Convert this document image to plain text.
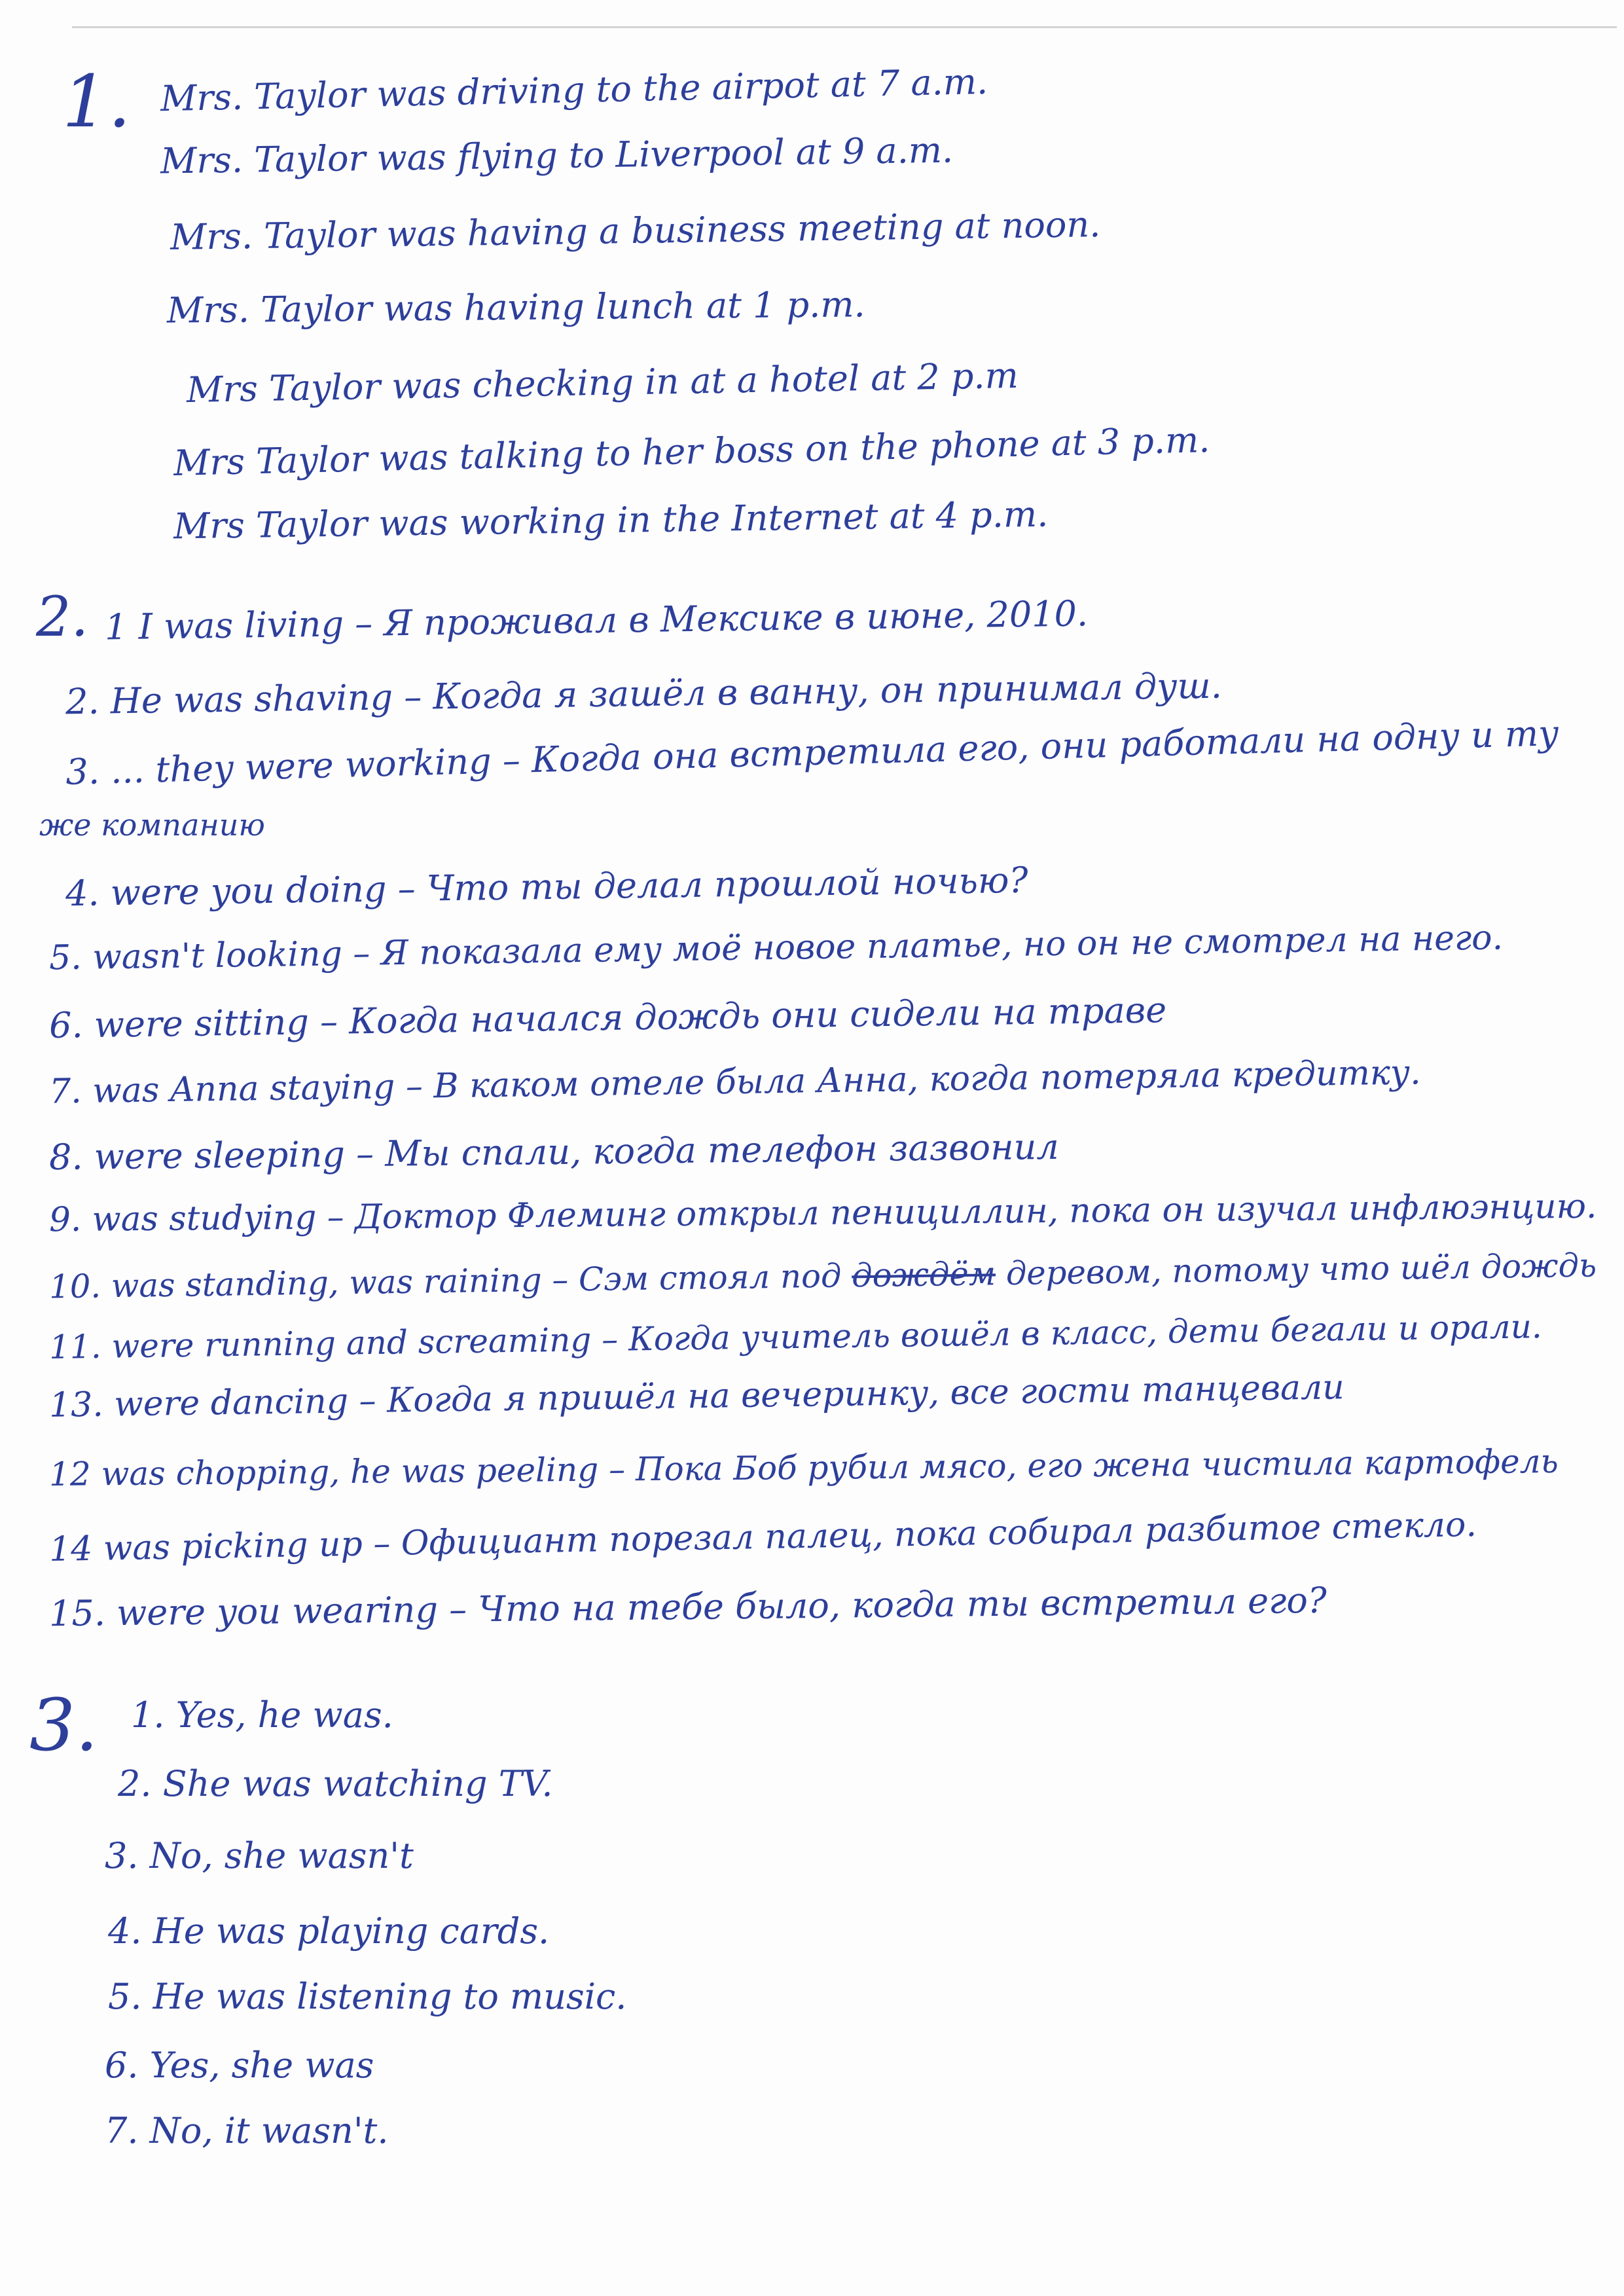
1. Mrs. Taylor was driving to the airpot at 7 a.m.
Mrs. Taylor was flying to Liverpool at 9 a.m.
Mrs. Taylor was having a business meeting at noon.
Mrs. Taylor was having lunch at 1 p.m.
Mrs Taylor was checking in at a hotel at 2 p.m
Mrs Taylor was talking to her boss on the phone at 3 p.m.
Mrs Taylor was working in the Internet at 4 p.m.
2. 1 I was living – Я проживал в Мексике в июне, 2010.
2. He was shaving – Когда я зашёл в ванну, он принимал душ.
3. ... they were working – Когда она встретила его, они работали на одну и ту
же компанию
4. were you doing – Что ты делал прошлой ночью?
5. wasn't looking – Я показала ему моё новое платье, но он не смотрел на него.
6. were sitting – Когда начался дождь они сидели на траве
7. was Anna staying – В каком отеле была Анна, когда потеряла кредитку.
8. were sleeping – Мы спали, когда телефон зазвонил
9. was studying – Доктор Флеминг открыл пенициллин, пока он изучал инфлюэнцию.
10. was standing, was raining – Сэм стоял под дождём деревом, потому что шёл дождь
11. were running and screaming – Когда учитель вошёл в класс, дети бегали и орали.
13. were dancing – Когда я пришёл на вечеринку, все гости танцевали
12 was chopping, he was peeling – Пока Боб рубил мясо, его жена чистила картофель
14 was picking up – Официант порезал палец, пока собирал разбитое стекло.
15. were you wearing – Что на тебе было, когда ты встретил его?
3. 1. Yes, he was.
2. She was watching TV.
3. No, she wasn't
4. He was playing cards.
5. He was listening to music.
6. Yes, she was
7. No, it wasn't.
